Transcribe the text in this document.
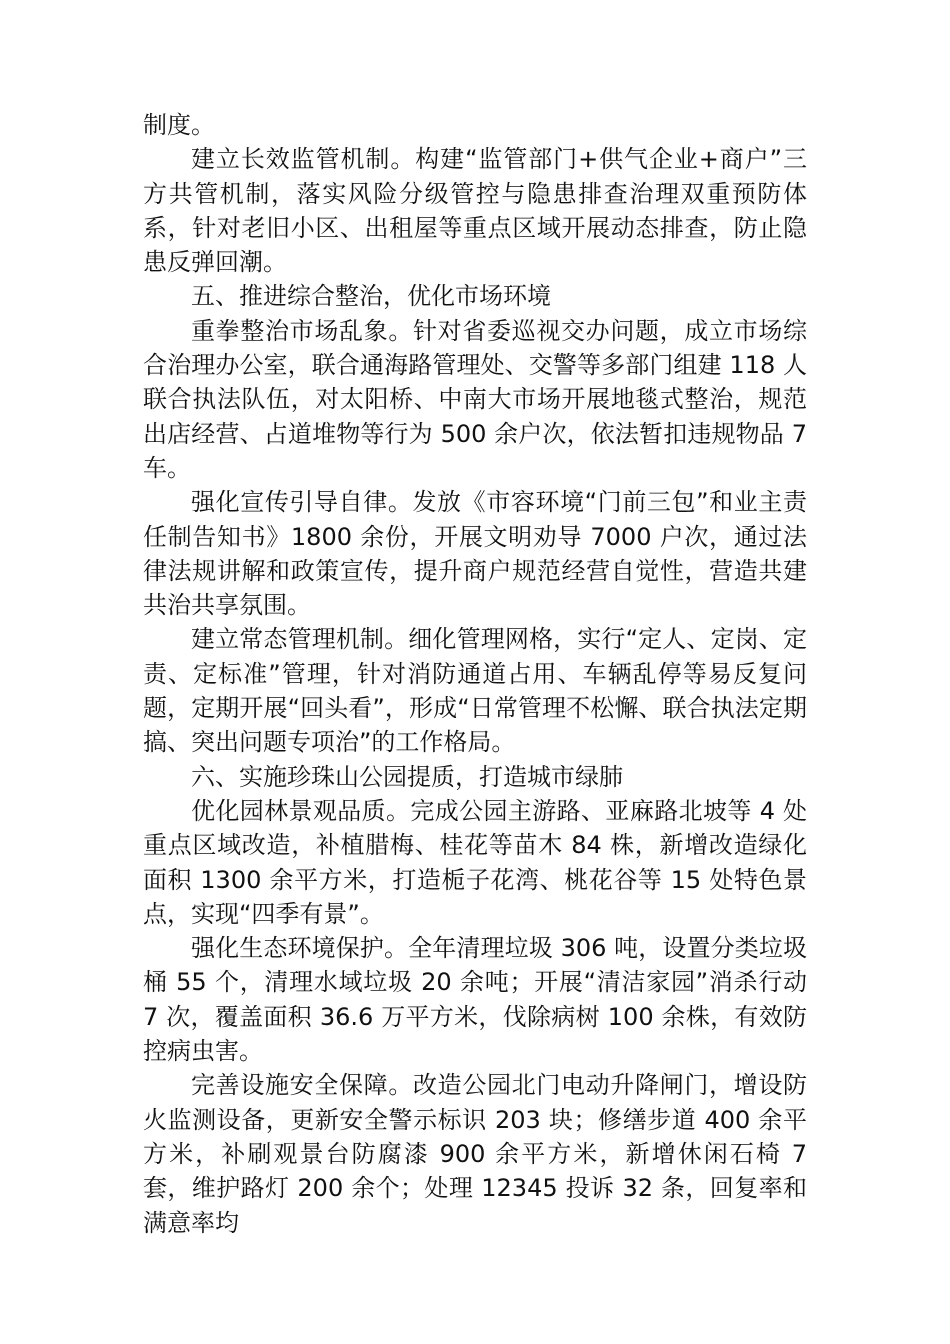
制度。

建立长效监管机制。构建“监管部门+供气企业+商户”三方共管机制，落实风险分级管控与隐患排查治理双重预防体系，针对老旧小区、出租屋等重点区域开展动态排查，防止隐患反弹回潮。

五、推进综合整治，优化市场环境

重拳整治市场乱象。针对省委巡视交办问题，成立市场综合治理办公室，联合通海路管理处、交警等多部门组建 118 人联合执法队伍，对太阳桥、中南大市场开展地毯式整治，规范出店经营、占道堆物等行为 500 余户次，依法暂扣违规物品 7 车。

强化宣传引导自律。发放《市容环境“门前三包”和业主责任制告知书》1800 余份，开展文明劝导 7000 户次，通过法律法规讲解和政策宣传，提升商户规范经营自觉性，营造共建共治共享氛围。

建立常态管理机制。细化管理网格，实行“定人、定岗、定责、定标准”管理，针对消防通道占用、车辆乱停等易反复问题，定期开展“回头看”，形成“日常管理不松懈、联合执法定期搞、突出问题专项治”的工作格局。

六、实施珍珠山公园提质，打造城市绿肺

优化园林景观品质。完成公园主游路、亚麻路北坡等 4 处重点区域改造，补植腊梅、桂花等苗木 84 株，新增改造绿化面积 1300 余平方米，打造栀子花湾、桃花谷等 15 处特色景点，实现“四季有景”。

强化生态环境保护。全年清理垃圾 306 吨，设置分类垃圾桶 55 个，清理水域垃圾 20 余吨；开展“清洁家园”消杀行动 7 次，覆盖面积 36.6 万平方米，伐除病树 100 余株，有效防控病虫害。

完善设施安全保障。改造公园北门电动升降闸门，增设防火监测设备，更新安全警示标识 203 块；修缮步道 400 余平方米，补刷观景台防腐漆 900 余平方米，新增休闲石椅 7 套，维护路灯 200 余个；处理 12345 投诉 32 条，回复率和满意率均
